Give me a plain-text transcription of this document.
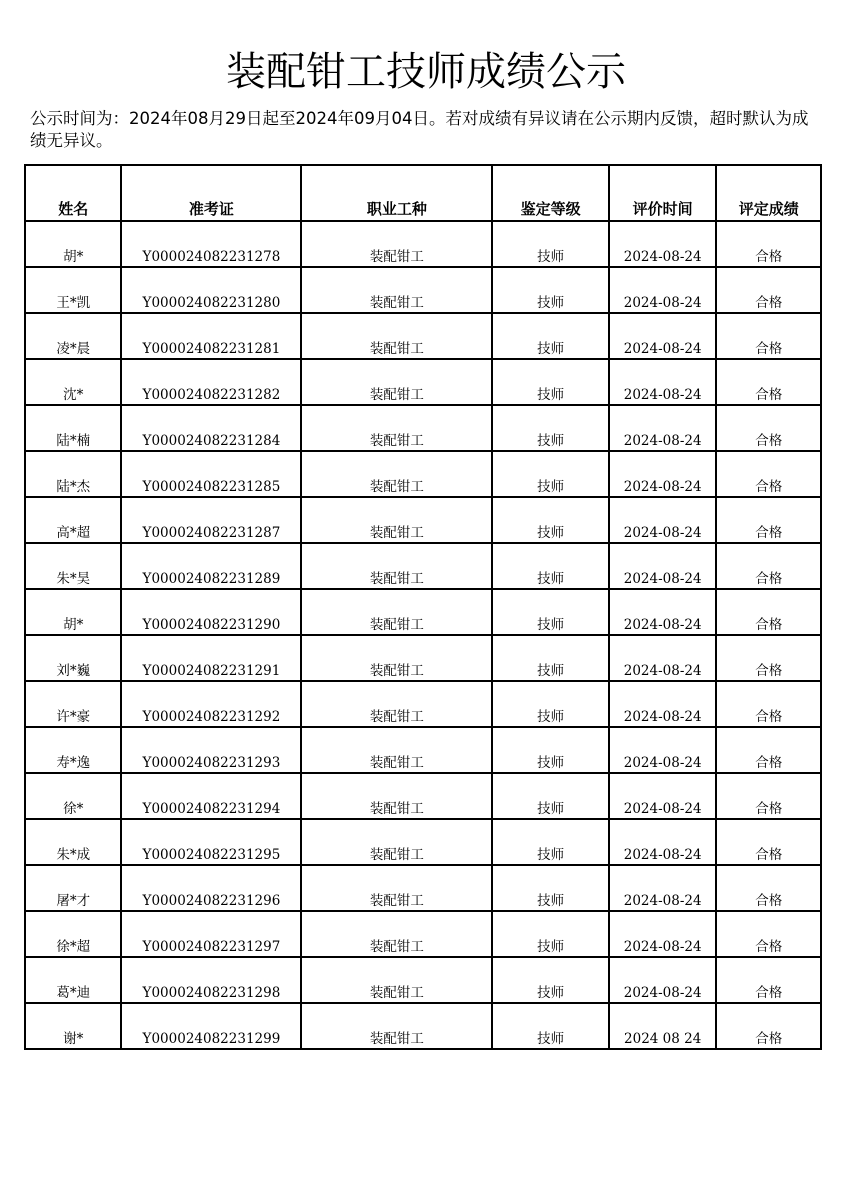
装配钳工技师成绩公示
公示时间为：2024年08月29日起至2024年09月04日。若对成绩有异议请在公示期内反馈，超时默认为成绩无异议。
姓名	准考证	职业工种	鉴定等级	评价时间	评定成绩
胡*	Y000024082231278	装配钳工	技师	2024-08-24	合格
王*凯	Y000024082231280	装配钳工	技师	2024-08-24	合格
凌*晨	Y000024082231281	装配钳工	技师	2024-08-24	合格
沈*	Y000024082231282	装配钳工	技师	2024-08-24	合格
陆*楠	Y000024082231284	装配钳工	技师	2024-08-24	合格
陆*杰	Y000024082231285	装配钳工	技师	2024-08-24	合格
高*超	Y000024082231287	装配钳工	技师	2024-08-24	合格
朱*昊	Y000024082231289	装配钳工	技师	2024-08-24	合格
胡*	Y000024082231290	装配钳工	技师	2024-08-24	合格
刘*巍	Y000024082231291	装配钳工	技师	2024-08-24	合格
许*豪	Y000024082231292	装配钳工	技师	2024-08-24	合格
寿*逸	Y000024082231293	装配钳工	技师	2024-08-24	合格
徐*	Y000024082231294	装配钳工	技师	2024-08-24	合格
朱*成	Y000024082231295	装配钳工	技师	2024-08-24	合格
屠*才	Y000024082231296	装配钳工	技师	2024-08-24	合格
徐*超	Y000024082231297	装配钳工	技师	2024-08-24	合格
葛*迪	Y000024082231298	装配钳工	技师	2024-08-24	合格
谢*	Y000024082231299	装配钳工	技师	2024 08 24	合格
